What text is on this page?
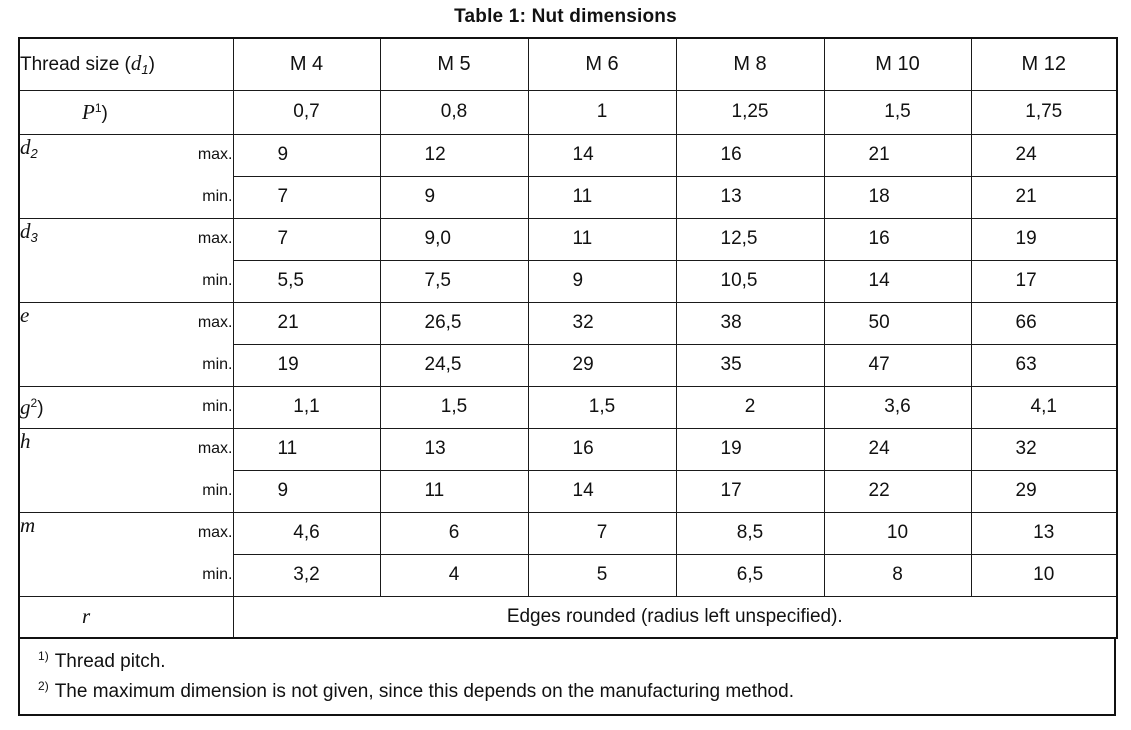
Table 1: Nut dimensions
Thread size $(d_1)$		M 4	M 5	M 6	M 8	M 10	M 12
$P^1$)		0,7	0,8	1	1,25	1,5	1,75
$d_2$	max.	9	12	14	16	21	24
	min.	7	9	11	13	18	21
$d_3$	max.	7	9,0	11	12,5	16	19
	min.	5,5	7,5	9	10,5	14	17
e	max.	21	26,5	32	38	50	66
	min.	19	24,5	29	35	47	63
$g^2$)	min.	1,1	1,5	1,5	2	3,6	4,1
h	max.	11	13	16	19	24	32
	min.	9	11	14	17	22	29
m	max.	4,6	6	7	8,5	10	13
	min.	3,2	4	5	6,5	8	10
r		Edges rounded (radius left unspecified).					
$^{1)}$ Thread pitch.
$^{2)}$ The maximum dimension is not given, since this depends on the manufacturing method.
